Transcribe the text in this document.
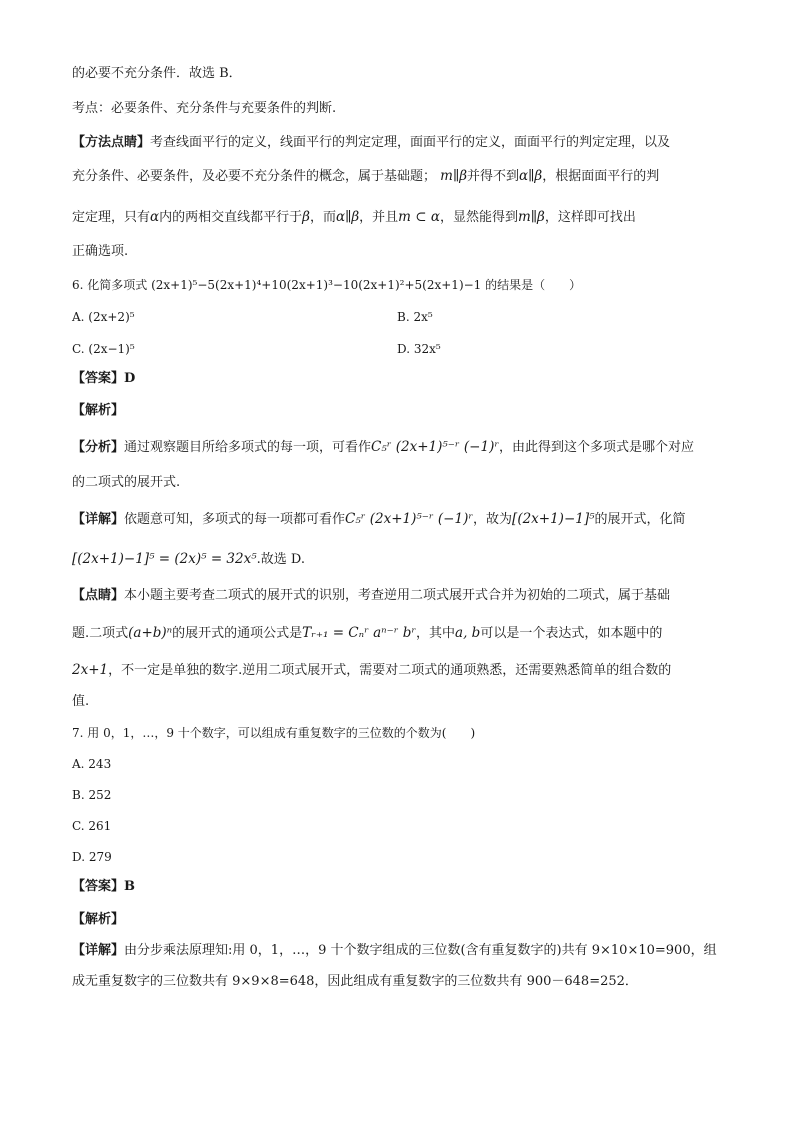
的必要不充分条件．故选 B．
考点：必要条件、充分条件与充要条件的判断.
【方法点睛】考查线面平行的定义，线面平行的判定定理，面面平行的定义，面面平行的判定定理，以及
充分条件、必要条件，及必要不充分条件的概念，属于基础题； m∥β并得不到α∥β，根据面面平行的判
定定理，只有α内的两相交直线都平行于β，而α∥β，并且m ⊂ α，显然能得到m∥β，这样即可找出
正确选项.
6. 化简多项式 (2x+1)⁵−5(2x+1)⁴+10(2x+1)³−10(2x+1)²+5(2x+1)−1 的结果是（　　）
A. (2x+2)⁵	B. 2x⁵
C. (2x−1)⁵	D. 32x⁵
【答案】D
【解析】
【分析】通过观察题目所给多项式的每一项，可看作C₅ʳ (2x+1)⁵⁻ʳ (−1)ʳ，由此得到这个多项式是哪个对应
的二项式的展开式.
【详解】依题意可知，多项式的每一项都可看作C₅ʳ (2x+1)⁵⁻ʳ (−1)ʳ，故为[(2x+1)−1]⁵的展开式，化简
[(2x+1)−1]⁵ = (2x)⁵ = 32x⁵.故选 D.
【点睛】本小题主要考查二项式的展开式的识别，考查逆用二项式展开式合并为初始的二项式，属于基础
题.二项式(a+b)ⁿ的展开式的通项公式是Tᵣ₊₁ = Cₙʳ aⁿ⁻ʳ bʳ，其中a, b可以是一个表达式，如本题中的
2x+1，不一定是单独的数字.逆用二项式展开式，需要对二项式的通项熟悉，还需要熟悉简单的组合数的
值.
7. 用 0，1，…，9 十个数字，可以组成有重复数字的三位数的个数为(　　)
A. 243
B. 252
C. 261
D. 279
【答案】B
【解析】
【详解】由分步乘法原理知:用 0，1，…，9 十个数字组成的三位数(含有重复数字的)共有 9×10×10=900，组
成无重复数字的三位数共有 9×9×8=648，因此组成有重复数字的三位数共有 900－648=252．
